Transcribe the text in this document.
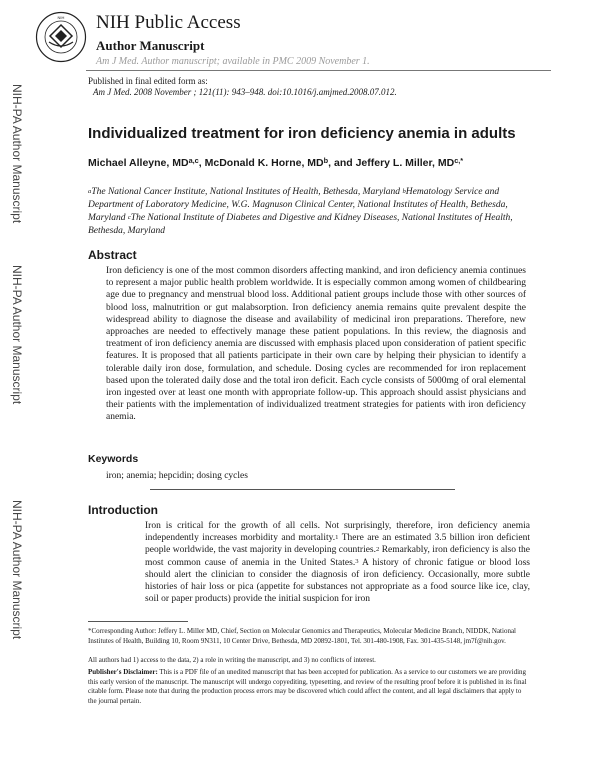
NIH NIH Public Access
Author Manuscript
Am J Med. Author manuscript; available in PMC 2009 November 1.
Published in final edited form as:
Am J Med. 2008 November ; 121(11): 943–948. doi:10.1016/j.amjmed.2008.07.012.
NIH-PA Author Manuscript
NIH-PA Author Manuscript
NIH-PA Author Manuscript
Individualized treatment for iron deficiency anemia in adults
Michael Alleyne, MD$^{a,c}$, McDonald K. Horne, $MD^b$, and Jeffery L. Miller, $MD^{c,*}$
$^a$The National Cancer Institute, National Institutes of Health, Bethesda, Maryland $^b$Hematology Service and Department of Laboratory Medicine, W.G. Magnuson Clinical Center, National Institutes of Health, Bethesda, Maryland $^c$The National Institute of Diabetes and Digestive and Kidney Diseases, National Institutes of Health, Bethesda, Maryland
Abstract
Iron deficiency is one of the most common disorders affecting mankind, and iron deficiency anemia continues to represent a major public health problem worldwide. It is especially common among women of childbearing age due to pregnancy and menstrual blood loss. Additional patient groups include those with other sources of blood loss, malnutrition or gut malabsorption. Iron deficiency anemia remains quite prevalent despite the widespread ability to diagnose the disease and availability of medicinal iron preparations. Therefore, new approaches are needed to effectively manage these patient populations. In this review, the diagnosis and treatment of iron deficiency anemia are discussed with emphasis placed upon consideration of patient specific features. It is proposed that all patients participate in their own care by helping their physician to identify a tolerable daily iron dose, formulation, and schedule. Dosing cycles are recommended for iron replacement based upon the tolerated daily dose and the total iron deficit. Each cycle consists of 5000mg of oral elemental iron ingested over at least one month with appropriate follow-up. This approach should assist physicians and their patients with the implementation of individualized treatment strategies for patients with iron deficiency anemia.
Keywords
iron; anemia; hepcidin; dosing cycles
Introduction
Iron is critical for the growth of all cells. Not surprisingly, therefore, iron deficiency anemia independently increases morbidity and mortality.$^1$ There are an estimated 3.5 billion iron deficient people worldwide, the vast majority in developing countries.$^2$ Remarkably, iron deficiency is also the most common cause of anemia in the United States.$^3$ A history of chronic fatigue or blood loss should alert the clinician to consider the diagnosis of iron deficiency. Occasionally, more subtle histories of hair loss or pica (appetite for substances not appropriate as a food source like ice, clay, soil or paper products) provide the initial suspicion for iron
*Corresponding Author: Jeffery L. Miller MD, Chief, Section on Molecular Genomics and Therapeutics, Molecular Medicine Branch, NIDDK, National Institutes of Health, Building 10, Room 9N311, 10 Center Drive, Bethesda, MD 20892-1801, Tel. 301-480-1908, Fax. 301-435-5148, jm7f@nih.gov.
All authors had 1) access to the data, 2) a role in writing the manuscript, and 3) no conflicts of interest.
Publisher's Disclaimer: This is a PDF file of an unedited manuscript that has been accepted for publication. As a service to our customers we are providing this early version of the manuscript. The manuscript will undergo copyediting, typesetting, and review of the resulting proof before it is published in its final citable form. Please note that during the production process errors may be discovered which could affect the content, and all legal disclaimers that apply to the journal pertain.
